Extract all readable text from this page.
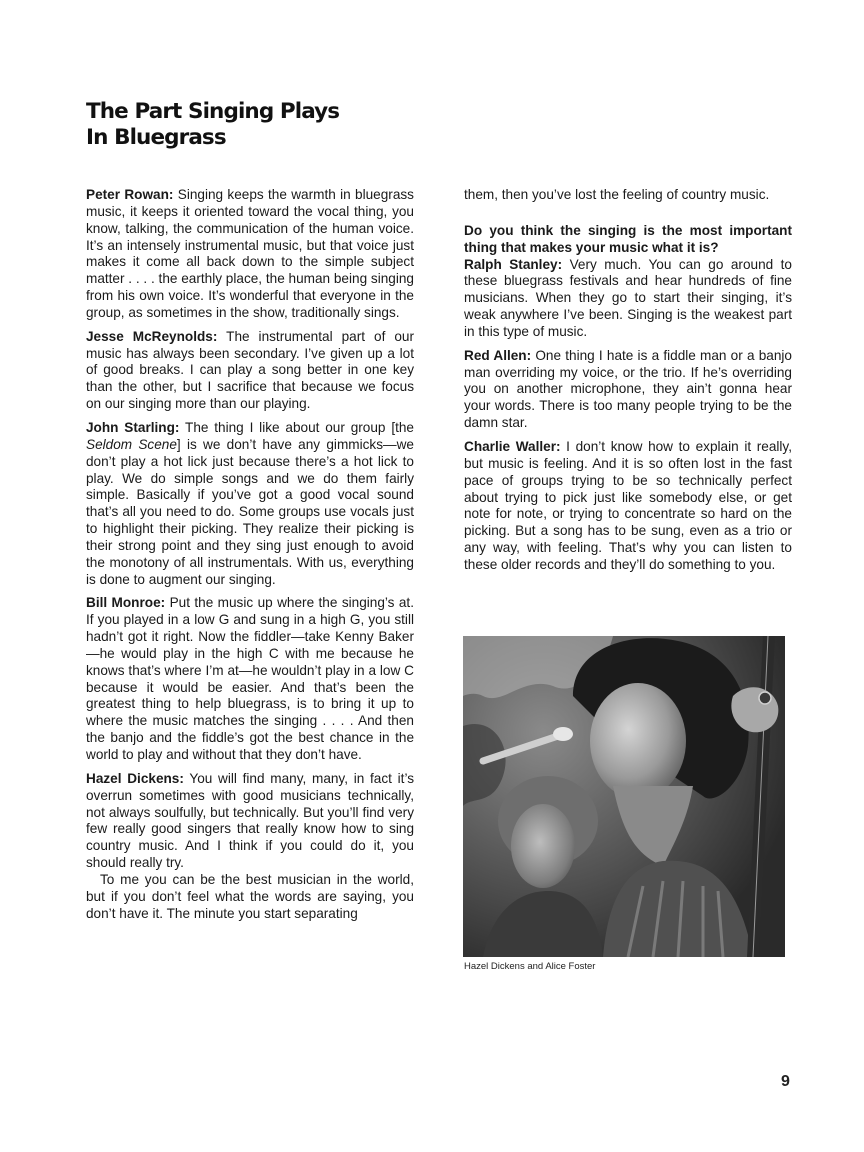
The Part Singing Plays
In Bluegrass

Peter Rowan: Singing keeps the warmth in bluegrass music, it keeps it oriented toward the vocal thing, you know, talking, the communication of the human voice. It’s an intensely instrumental music, but that voice just makes it come all back down to the simple subject matter . . . . the earthly place, the human being singing from his own voice. It’s wonderful that everyone in the group, as sometimes in the show, traditionally sings.

Jesse McReynolds: The instrumental part of our music has always been secondary. I’ve given up a lot of good breaks. I can play a song better in one key than the other, but I sacrifice that because we focus on our singing more than our playing.

John Starling: The thing I like about our group [the Seldom Scene] is we don’t have any gimmicks—we don’t play a hot lick just because there’s a hot lick to play. We do simple songs and we do them fairly simple. Basically if you’ve got a good vocal sound that’s all you need to do. Some groups use vocals just to highlight their picking. They realize their picking is their strong point and they sing just enough to avoid the monotony of all instrumentals. With us, everything is done to augment our singing.

Bill Monroe: Put the music up where the singing’s at. If you played in a low G and sung in a high G, you still hadn’t got it right. Now the fiddler—take Kenny Baker—he would play in the high C with me because he knows that’s where I’m at—he wouldn’t play in a low C because it would be easier. And that’s been the greatest thing to help bluegrass, is to bring it up to where the music matches the singing . . . . And then the banjo and the fiddle’s got the best chance in the world to play and without that they don’t have.

Hazel Dickens: You will find many, many, in fact it’s overrun sometimes with good musicians technically, not always soulfully, but technically. But you’ll find very few really good singers that really know how to sing country music. And I think if you could do it, you should really try.

To me you can be the best musician in the world, but if you don’t feel what the words are saying, you don’t have it. The minute you start separating

them, then you’ve lost the feeling of country music.

Do you think the singing is the most important thing that makes your music what it is?

Ralph Stanley: Very much. You can go around to these bluegrass festivals and hear hundreds of fine musicians. When they go to start their singing, it’s weak anywhere I’ve been. Singing is the weakest part in this type of music.

Red Allen: One thing I hate is a fiddle man or a banjo man overriding my voice, or the trio. If he’s overriding you on another microphone, they ain’t gonna hear your words. There is too many people trying to be the damn star.

Charlie Waller: I don’t know how to explain it really, but music is feeling. And it is so often lost in the fast pace of groups trying to be so technically perfect about trying to pick just like somebody else, or get note for note, or trying to concentrate so hard on the picking. But a song has to be sung, even as a trio or any way, with feeling. That’s why you can listen to these older records and they’ll do something to you.

Hazel Dickens and Alice Foster
9
